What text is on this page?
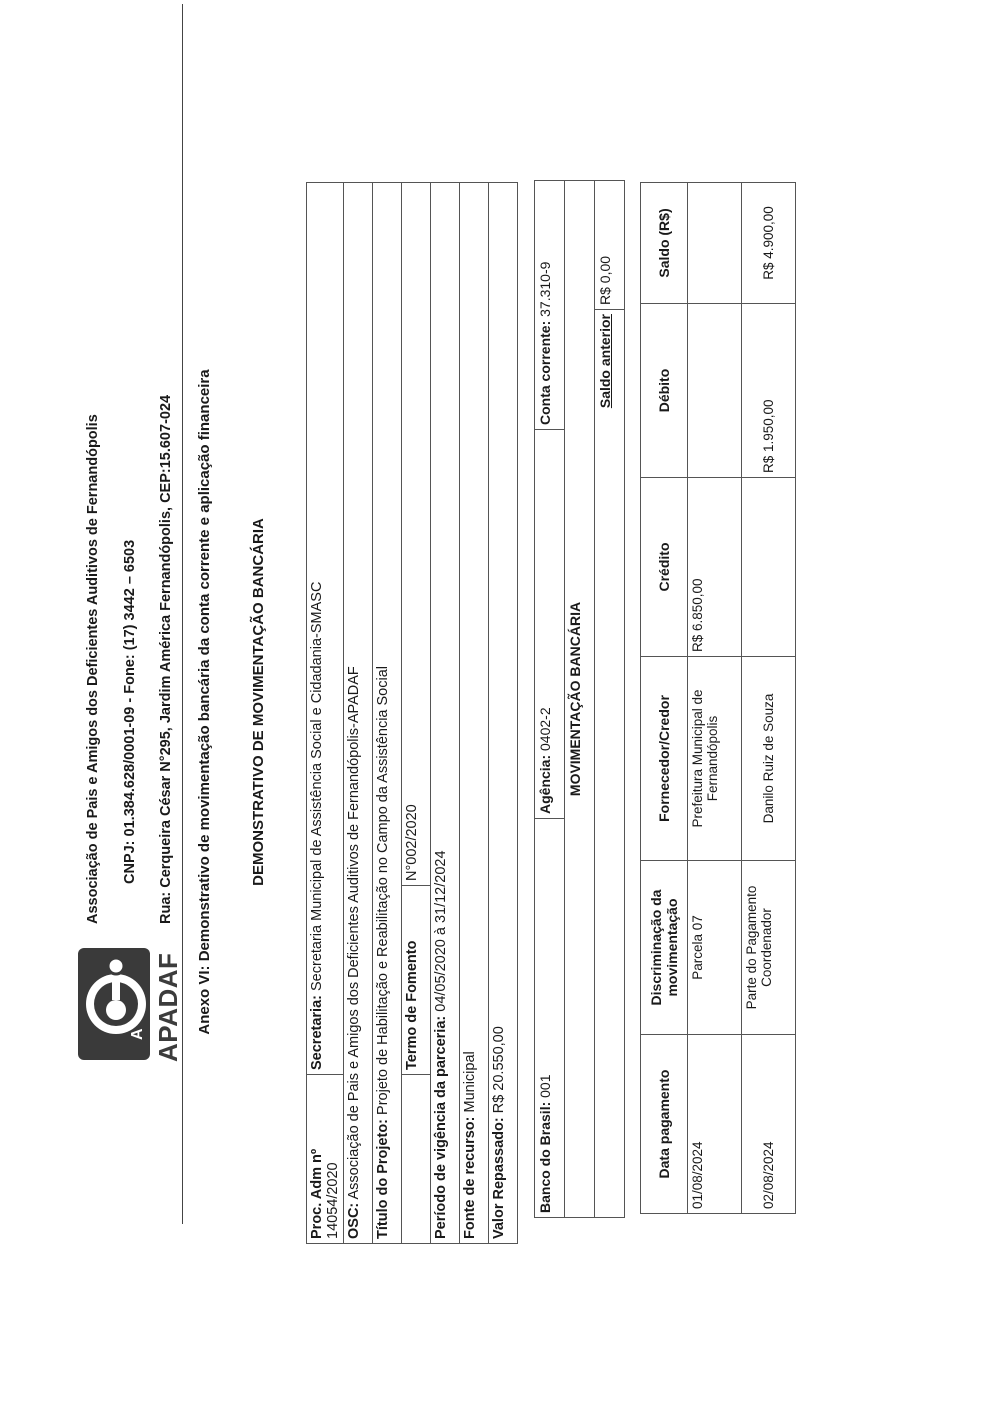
A APADAF
Associação de Pais e Amigos dos Deficientes Auditivos de Fernandópolis CNPJ: 01.384.628/0001-09 - Fone: (17) 3442 – 6503 Rua: Cerqueira César N°295, Jardim América Fernandópolis, CEP:15.607-024 Anexo VI: Demonstrativo de movimentação bancária da conta corrente e aplicação financeira DEMONSTRATIVO DE MOVIMENTAÇÃO BANCÁRIA
Proc. Adm nº 14054/2020	Secretaria: Secretaria Municipal de Assistência Social e Cidadania-SMASC	
OSC: Associação de Pais e Amigos dos Deficientes Auditivos de Fernandópolis-APADAF		
Título do Projeto: Projeto de Habilitação e Reabilitação no Campo da Assistência Social		
	Termo de Fomento	N°002/2020
Período de vigência da parceria: 04/05/2020 à 31/12/2024		
Fonte de recurso: Municipal		
Valor Repassado: R$ 20.550,00		
Banco do Brasil: 001	Agência: 0402-2	Conta corrente: 37.310-9	
MOVIMENTAÇÃO BANCÁRIA			
		Saldo anterior	R$ 0,00
Data pagamento	Discriminação da movimentação	Fornecedor/Credor	Crédito	Débito	Saldo (R$)
01/08/2024	Parcela 07	Prefeitura Municipal de Fernandópolis	R$ 6.850,00		
02/08/2024	Parte do Pagamento Coordenador	Danilo Ruiz de Souza		R$ 1.950,00	R$ 4.900,00
